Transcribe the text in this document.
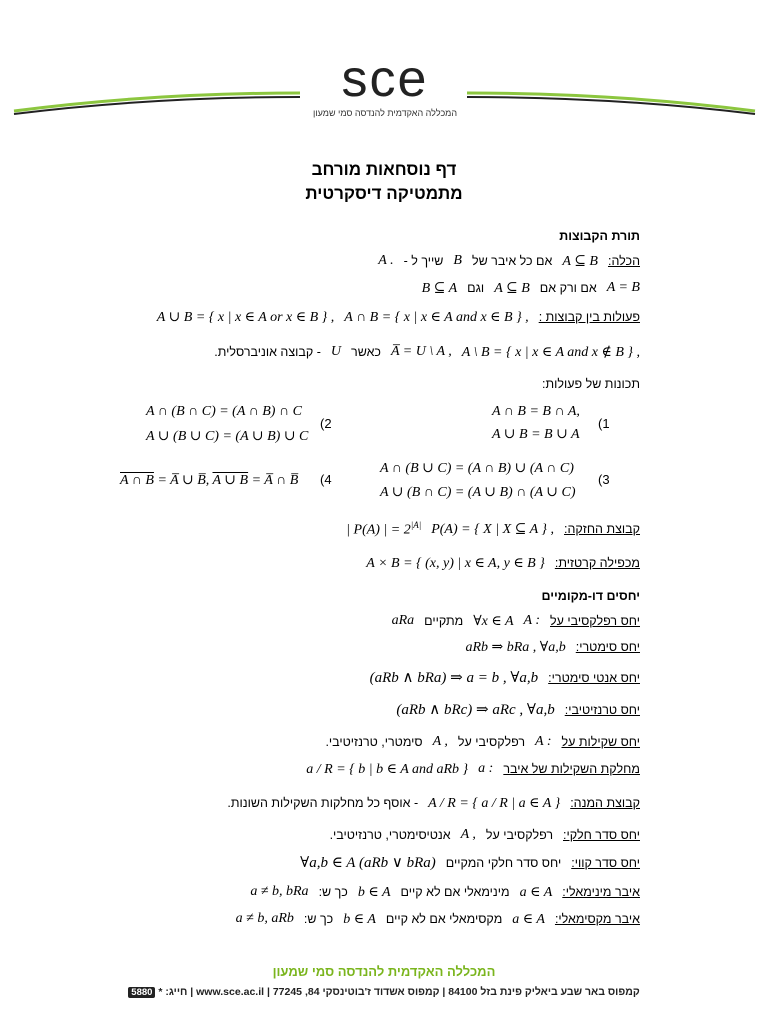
sce
המכללה האקדמית להנדסה סמי שמעון
דף נוסחאות מורחב
מתמטיקה דיסקרטית
תורת הקבוצות
הכלה: A ⊆ B אם כל איבר של B שייך ל - A .
A = B אם ורק אם A ⊆ B וגם B ⊆ A
פעולות בין קבוצות : A ∩ B = { x | x ∈ A and x ∈ B } , A ∪ B = { x | x ∈ A or x ∈ B } ,
A \ B = { x | x ∈ A and x ∉ B } , A̅ = U \ A , כאשר U - קבוצה אוניברסלית.
תכונות של פעולות:
(1
A ∩ B = B ∩ A,
A ∪ B = B ∪ A
(2
A ∩ (B ∩ C) = (A ∩ B) ∩ C
A ∪ (B ∪ C) = (A ∪ B) ∪ C
(3
A ∩ (B ∪ C) = (A ∩ B) ∪ (A ∩ C)
A ∪ (B ∩ C) = (A ∪ B) ∩ (A ∪ C)
(4
A ∩ B = A̅ ∪ B̅, A ∪ B = A̅ ∩ B̅
קבוצת החזקה: P(A) = { X | X ⊆ A } , | P(A) | = $2^{|A|}$
מכפילה קרטזית: A × B = { (x, y) | x ∈ A, y ∈ B }
יחסים דו-מקומיים
יחס רפלקסיבי על A : ∀x ∈ A מתקיים aRa
יחס סימטרי: aRb ⇒ bRa , ∀a,b
יחס אנטי סימטרי: (aRb ∧ bRa) ⇒ a = b , ∀a,b
יחס טרנזיטיבי: (aRb ∧ bRc) ⇒ aRc , ∀a,b
יחס שקילות על A : רפלקסיבי על A , סימטרי, טרנזיטיבי.
מחלקת השקילות של איבר a : a / R = { b | b ∈ A and aRb }
קבוצת המנה: A / R = { a / R | a ∈ A } - אוסף כל מחלקות השקילות השונות.
יחס סדר חלקי: רפלקסיבי על A , אנטיסימטרי, טרנזיטיבי.
יחס סדר קווי: יחס סדר חלקי המקיים ∀a,b ∈ A (aRb ∨ bRa)
איבר מינימאלי: a ∈ A מינימאלי אם לא קיים b ∈ A כך ש: a ≠ b, bRa
איבר מקסימאלי: a ∈ A מקסימאלי אם לא קיים b ∈ A כך ש: a ≠ b, aRb
המכללה האקדמית להנדסה סמי שמעון
קמפוס באר שבע ביאליק פינת בזל 84100 | קמפוס אשדוד ז'בוטינסקי 84, 77245 | www.sce.ac.il | חייג: * 5880
